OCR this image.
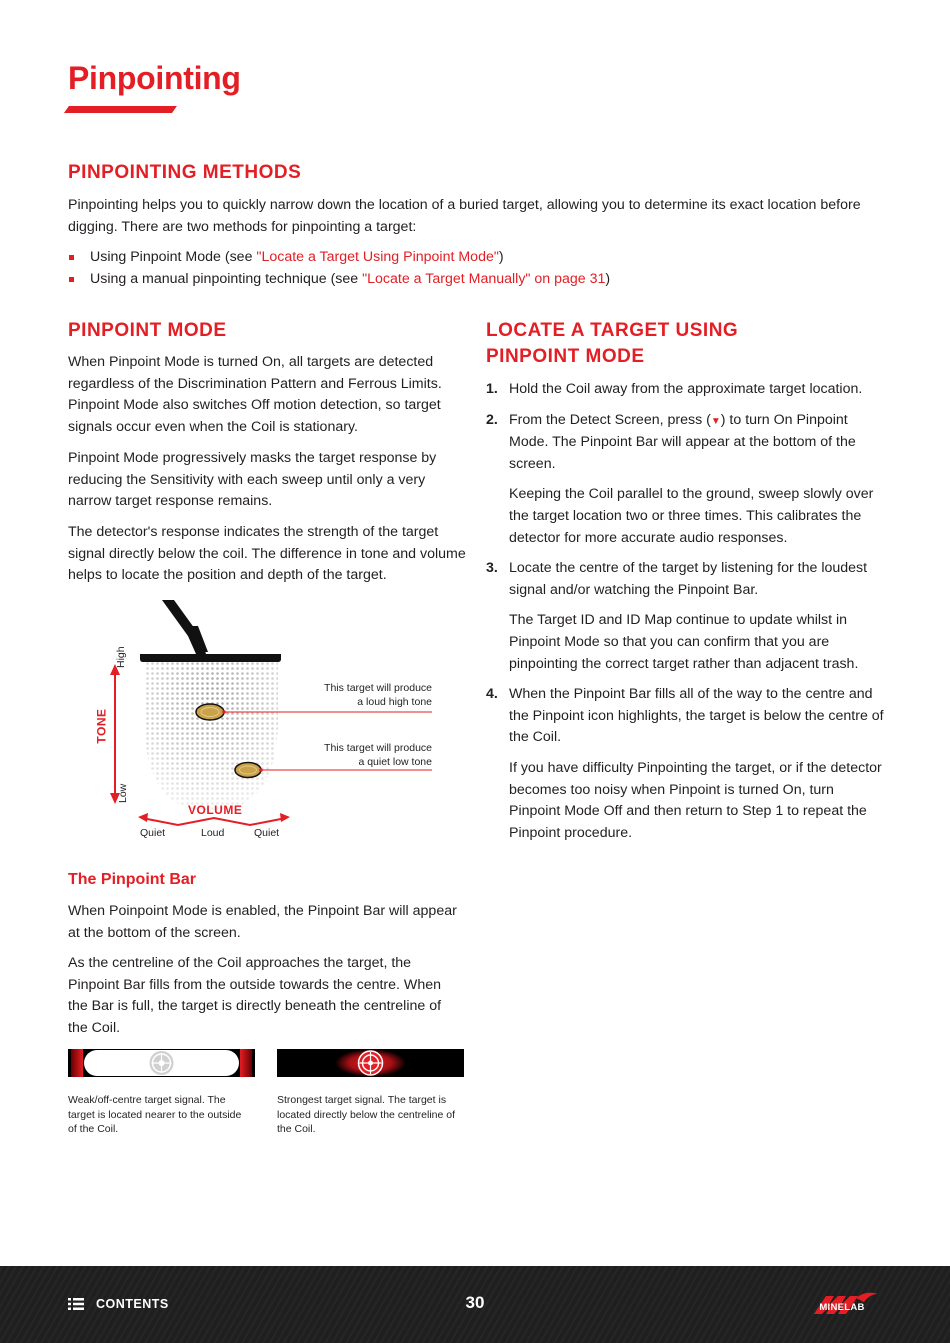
Pinpointing
PINPOINTING METHODS

Pinpointing helps you to quickly narrow down the location of a buried target, allowing you to determine its exact location before digging. There are two methods for pinpointing a target:

Using Pinpoint Mode (see "Locate a Target Using Pinpoint Mode")
Using a manual pinpointing technique (see "Locate a Target Manually" on page 31)
PINPOINT MODE

When Pinpoint Mode is turned On, all targets are detected regardless of the Discrimination Pattern and Ferrous Limits. Pinpoint Mode also switches Off motion detection, so target signals occur even when the Coil is stationary.

Pinpoint Mode progressively masks the target response by reducing the Sensitivity with each sweep until only a very narrow target response remains.

The detector's response indicates the strength of the target signal directly below the coil. The difference in tone and volume helps to locate the position and depth of the target.

TONE
High
Low
VOLUME
Quiet	Loud	Quiet
This target will produce
a loud high tone
This target will produce
a quiet low tone
The Pinpoint Bar

When Poinpoint Mode is enabled, the Pinpoint Bar will appear at the bottom of the screen.

As the centreline of the Coil approaches the target, the Pinpoint Bar fills from the outside towards the centre. When the Bar is full, the target is directly beneath the centreline of the Coil.

Weak/off-centre target signal. The target is located nearer to the outside of the Coil.

Strongest target signal. The target is located directly below the centreline of the Coil.

LOCATE A TARGET USING
PINPOINT MODE
1. Hold the Coil away from the approximate target location.
2. From the Detect Screen, press (▼) to turn On Pinpoint Mode. The Pinpoint Bar will appear at the bottom of the screen.
Keeping the Coil parallel to the ground, sweep slowly over the target location two or three times. This calibrates the detector for more accurate audio responses.
3. Locate the centre of the target by listening for the loudest signal and/or watching the Pinpoint Bar.
The Target ID and ID Map continue to update whilst in Pinpoint Mode so that you can confirm that you are pinpointing the correct target rather than adjacent trash.
4. When the Pinpoint Bar fills all of the way to the centre and the Pinpoint icon highlights, the target is below the centre of the Coil.
If you have difficulty Pinpointing the target, or if the detector becomes too noisy when Pinpoint is turned On, turn Pinpoint Mode Off and then return to Step 1 to repeat the Pinpoint procedure.
CONTENTS	30	MINELAB
